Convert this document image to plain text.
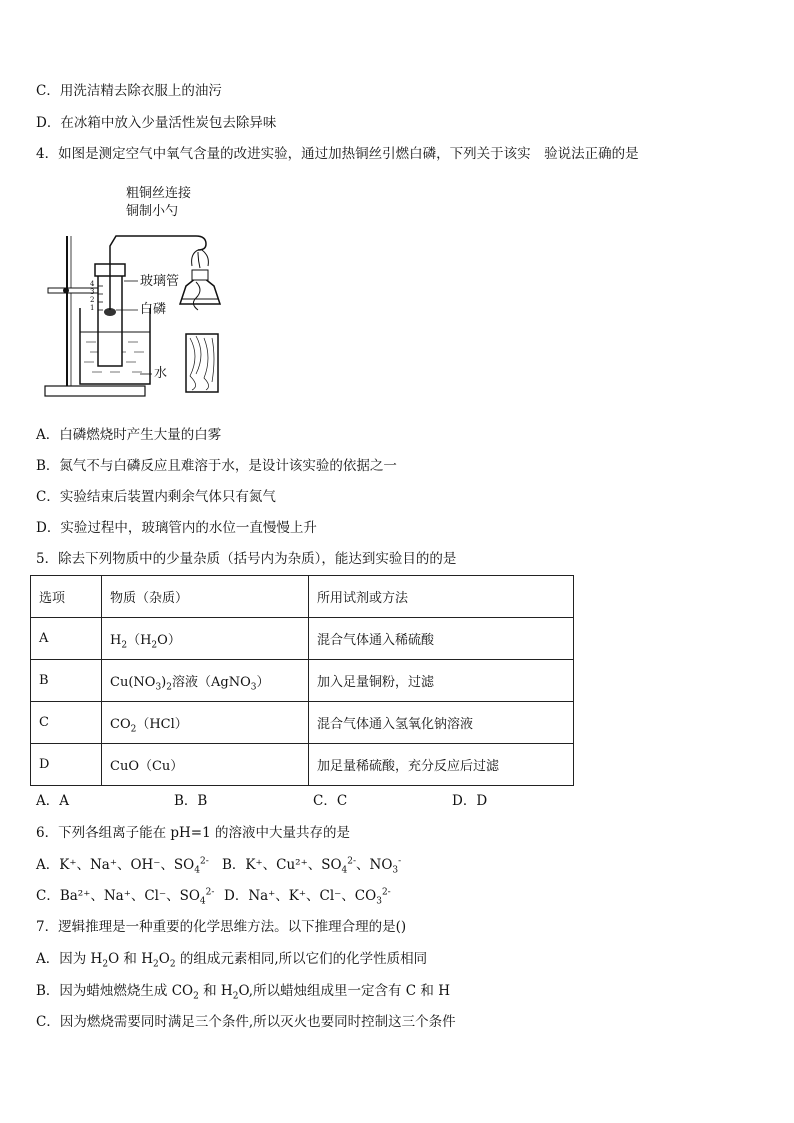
C．用洗洁精去除衣服上的油污
D．在冰箱中放入少量活性炭包去除异味
4．如图是测定空气中氧气含量的改进实验，通过加热铜丝引燃白磷，下列关于该实　验说法正确的是
粗铜丝连接
铜制小勺
玻璃管
白磷
水
4
3
2
1
A．白磷燃烧时产生大量的白雾
B．氮气不与白磷反应且难溶于水，是设计该实验的依据之一
C．实验结束后装置内剩余气体只有氮气
D．实验过程中，玻璃管内的水位一直慢慢上升
5．除去下列物质中的少量杂质（括号内为杂质），能达到实验目的的是
选项	物质（杂质）	所用试剂或方法
A	$H_2(H_2O)$	混合气体通入稀硫酸
B	$Cu(NO_3)_2$溶液（AgNO$_3$）	加入足量铜粉，过滤
C	$CO_2(HCl)$	混合气体通入氢氧化钠溶液
D	CuO（Cu）	加足量稀硫酸，充分反应后过滤
A．A	B．B	C．C	D．D
6．下列各组离子能在 pH=1 的溶液中大量共存的是
A．K⁺、Na⁺、OH⁻、$SO_4^{2-}$ B．K⁺、Cu²⁺、$SO_4^{2-}$、$NO_3^-$
C．Ba²⁺、Na⁺、Cl⁻、$SO_4^{2-}$ D．Na⁺、K⁺、Cl⁻、$CO_3^{2-}$
7．逻辑推理是一种重要的化学思维方法。以下推理合理的是()
A．因为 $H_2O$ 和 $H_2O_2$ 的组成元素相同,所以它们的化学性质相同
B．因为蜡烛燃烧生成 $CO_2$ 和 $H_2O$,所以蜡烛组成里一定含有 C 和 H
C．因为燃烧需要同时满足三个条件,所以灭火也要同时控制这三个条件
